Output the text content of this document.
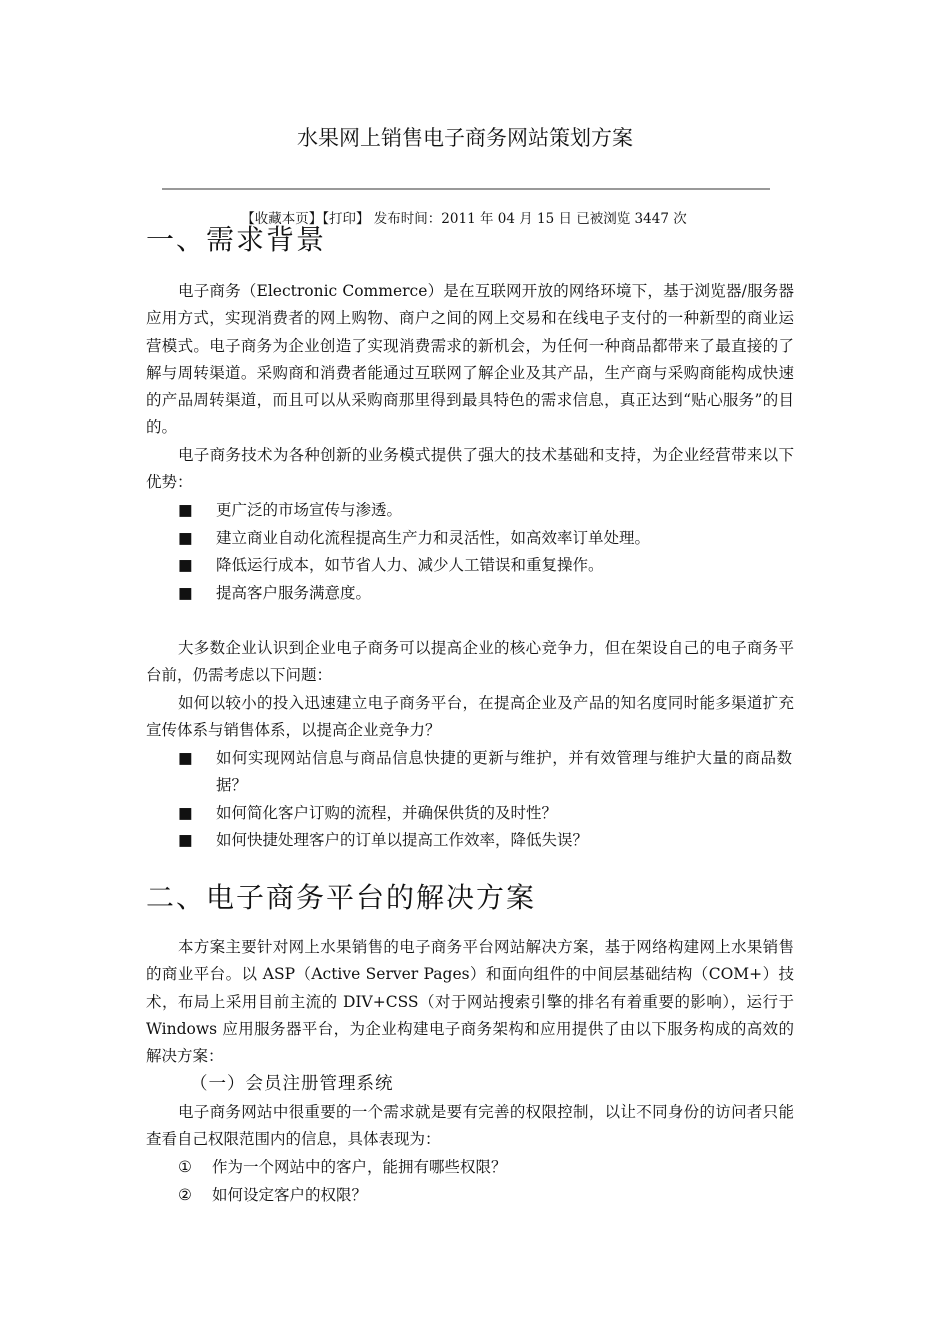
水果网上销售电子商务网站策划方案
【收藏本页】【打印】 发布时间：2011 年 04 月 15 日 已被浏览 3447 次
一、需求背景

电子商务（Electronic Commerce）是在互联网开放的网络环境下，基于浏览器/服务器应用方式，实现消费者的网上购物、商户之间的网上交易和在线电子支付的一种新型的商业运营模式。电子商务为企业创造了实现消费需求的新机会，为任何一种商品都带来了最直接的了解与周转渠道。采购商和消费者能通过互联网了解企业及其产品，生产商与采购商能构成快速的产品周转渠道，而且可以从采购商那里得到最具特色的需求信息，真正达到“贴心服务”的目的。

电子商务技术为各种创新的业务模式提供了强大的技术基础和支持，为企业经营带来以下优势：

■	更广泛的市场宣传与渗透。
■	建立商业自动化流程提高生产力和灵活性，如高效率订单处理。
■	降低运行成本，如节省人力、减少人工错误和重复操作。
■	提高客户服务满意度。

大多数企业认识到企业电子商务可以提高企业的核心竞争力，但在架设自己的电子商务平台前，仍需考虑以下问题：

如何以较小的投入迅速建立电子商务平台，在提高企业及产品的知名度同时能多渠道扩充宣传体系与销售体系，以提高企业竞争力？

■	如何实现网站信息与商品信息快捷的更新与维护，并有效管理与维护大量的商品数据？
■	如何简化客户订购的流程，并确保供货的及时性？
■	如何快捷处理客户的订单以提高工作效率，降低失误？
二、电子商务平台的解决方案

本方案主要针对网上水果销售的电子商务平台网站解决方案，基于网络构建网上水果销售的商业平台。以 ASP（Active Server Pages）和面向组件的中间层基础结构（COM+）技术，布局上采用目前主流的 DIV+CSS（对于网站搜索引擎的排名有着重要的影响），运行于 Windows 应用服务器平台，为企业构建电子商务架构和应用提供了由以下服务构成的高效的解决方案：

（一）会员注册管理系统

电子商务网站中很重要的一个需求就是要有完善的权限控制，以让不同身份的访问者只能查看自己权限范围内的信息，具体表现为：

①	作为一个网站中的客户，能拥有哪些权限？
②	如何设定客户的权限？
